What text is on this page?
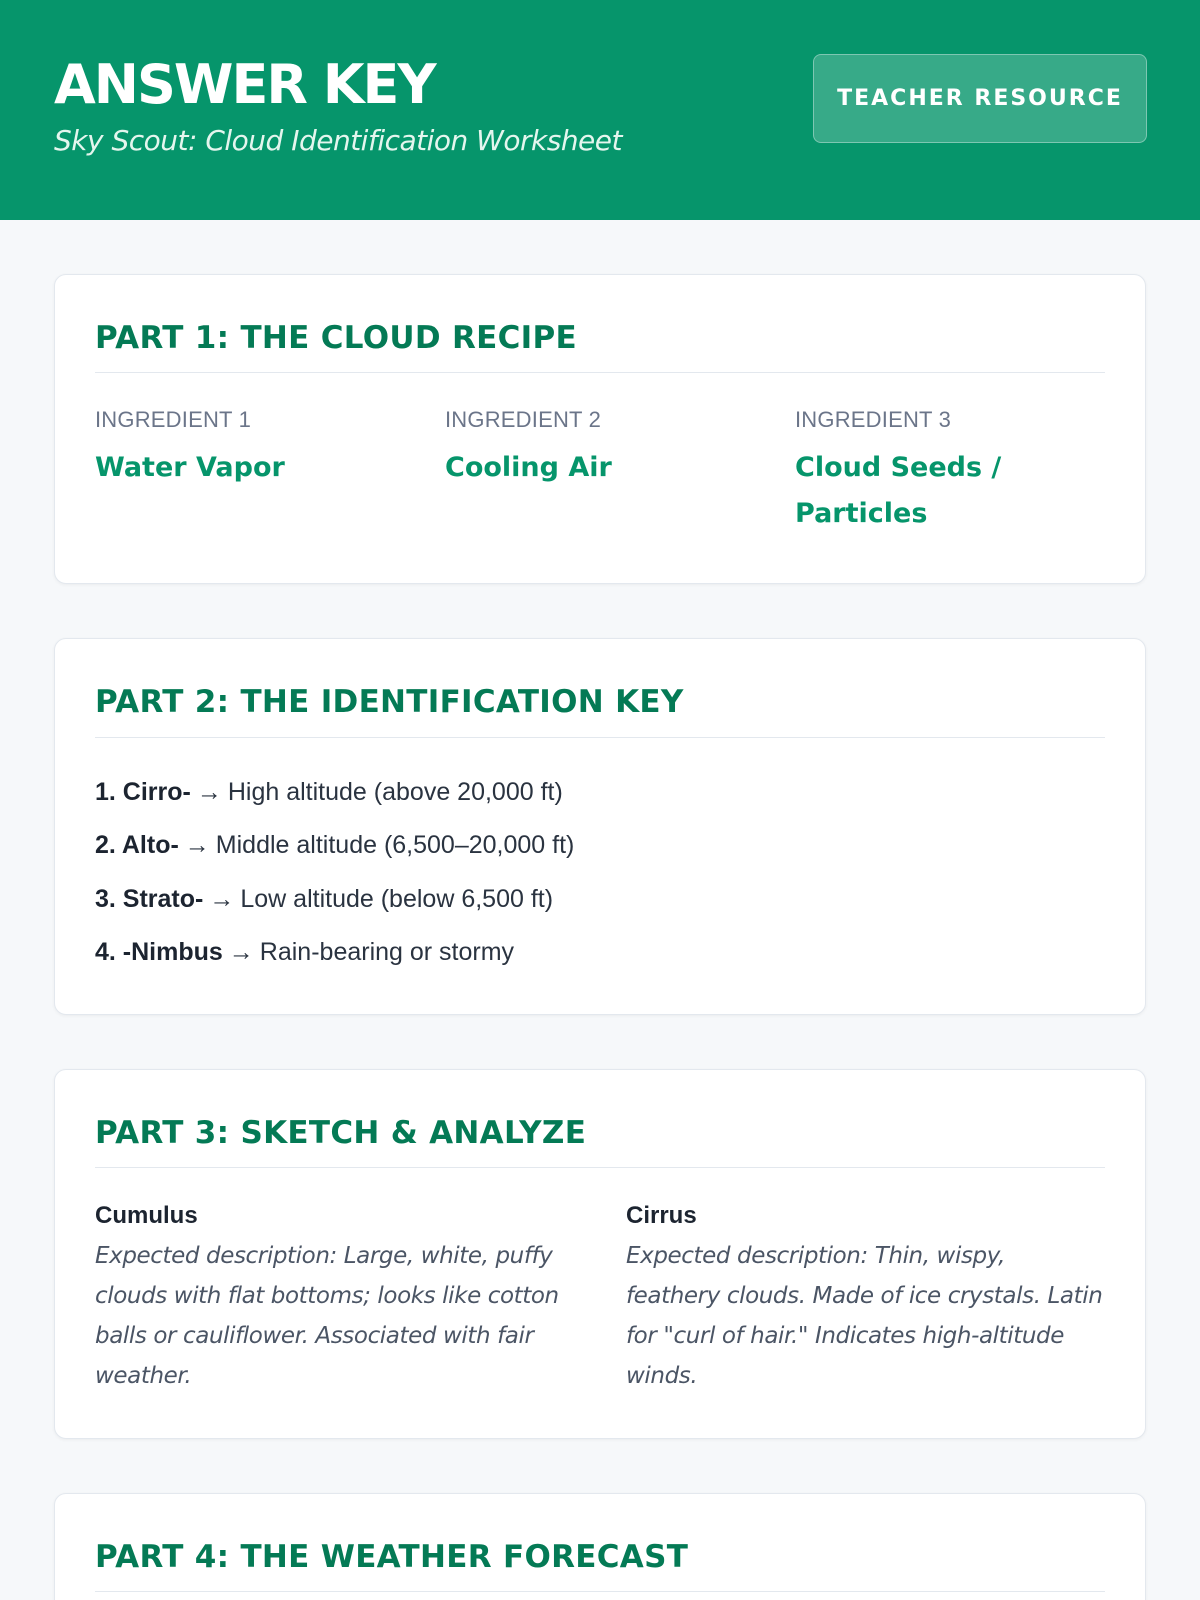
ANSWER KEY
Sky Scout: Cloud Identification Worksheet
TEACHER RESOURCE
PART 1: THE CLOUD RECIPE
INGREDIENT 1
Water Vapor
INGREDIENT 2
Cooling Air
INGREDIENT 3
Cloud Seeds / Particles
PART 2: THE IDENTIFICATION KEY
1. Cirro- → High altitude (above 20,000 ft)
2. Alto- → Middle altitude (6,500–20,000 ft)
3. Strato- → Low altitude (below 6,500 ft)
4. -Nimbus → Rain-bearing or stormy
PART 3: SKETCH & ANALYZE
Cumulus
Expected description: Large, white, puffy clouds with flat bottoms; looks like cotton balls or cauliflower. Associated with fair weather.
Cirrus
Expected description: Thin, wispy, feathery clouds. Made of ice crystals. Latin for "curl of hair." Indicates high-altitude winds.
PART 4: THE WEATHER FORECAST
